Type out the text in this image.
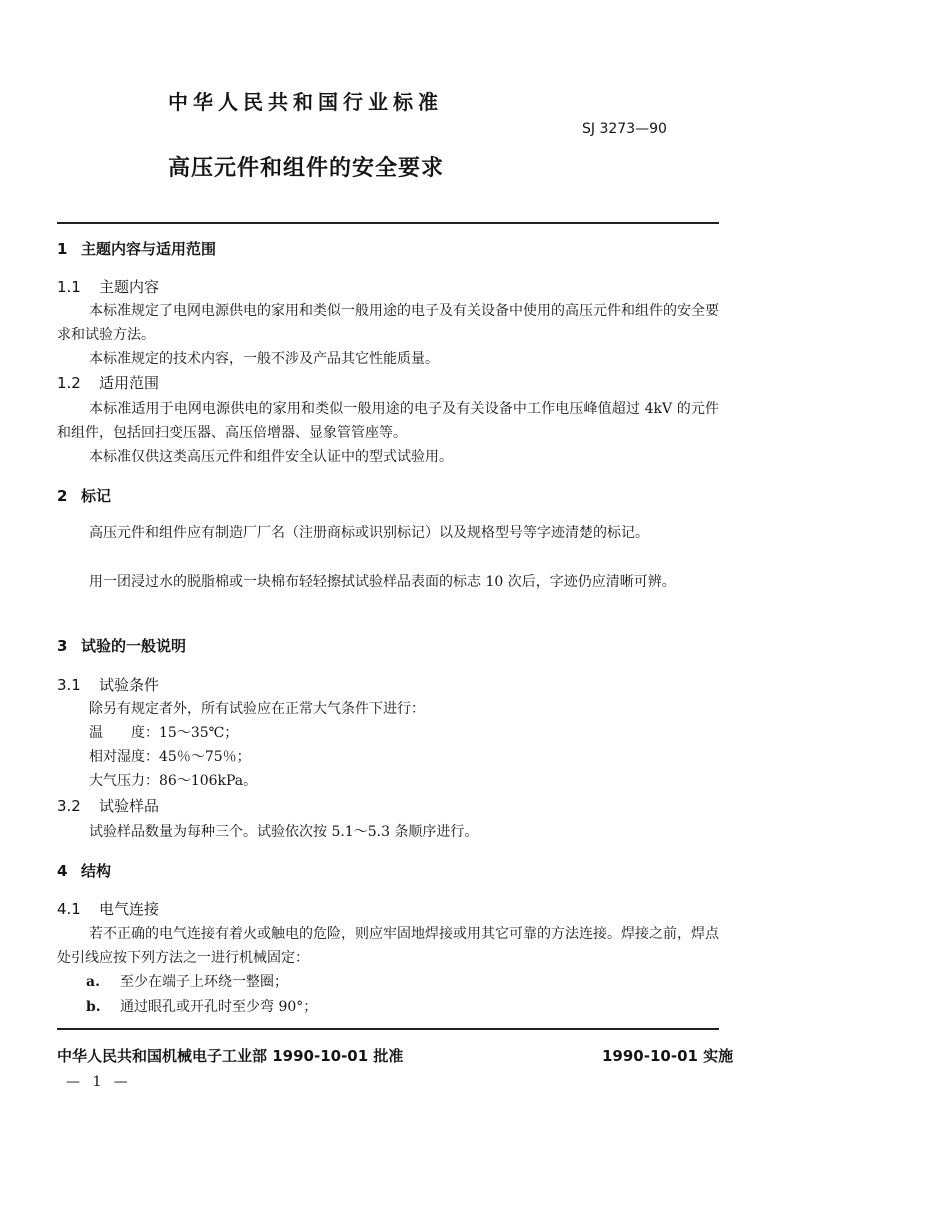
中华人民共和国行业标准
SJ 3273—90
高压元件和组件的安全要求
1 主题内容与适用范围
1.1 主题内容
本标准规定了电网电源供电的家用和类似一般用途的电子及有关设备中使用的高压元件和组件的安全要求和试验方法。
本标准规定的技术内容，一般不涉及产品其它性能质量。
1.2 适用范围
本标准适用于电网电源供电的家用和类似一般用途的电子及有关设备中工作电压峰值超过 4kV 的元件和组件，包括回扫变压器、高压倍增器、显象管管座等。
本标准仅供这类高压元件和组件安全认证中的型式试验用。
2 标记
高压元件和组件应有制造厂厂名（注册商标或识别标记）以及规格型号等字迹清楚的标记。
用一团浸过水的脱脂棉或一块棉布轻轻擦拭试验样品表面的标志 10 次后，字迹仍应清晰可辨。
3 试验的一般说明
3.1 试验条件
除另有规定者外，所有试验应在正常大气条件下进行：
温　　度：15～35℃；
相对湿度：45％～75％；
大气压力：86～106kPa。
3.2 试验样品
试验样品数量为每种三个。试验依次按 5.1～5.3 条顺序进行。
4 结构
4.1 电气连接
若不正确的电气连接有着火或触电的危险，则应牢固地焊接或用其它可靠的方法连接。焊接之前，焊点处引线应按下列方法之一进行机械固定：
a. 至少在端子上环绕一整圈；
b. 通过眼孔或开孔时至少弯 90°；
中华人民共和国机械电子工业部 1990-10-01 批准	1990-10-01 实施
— 1 —
